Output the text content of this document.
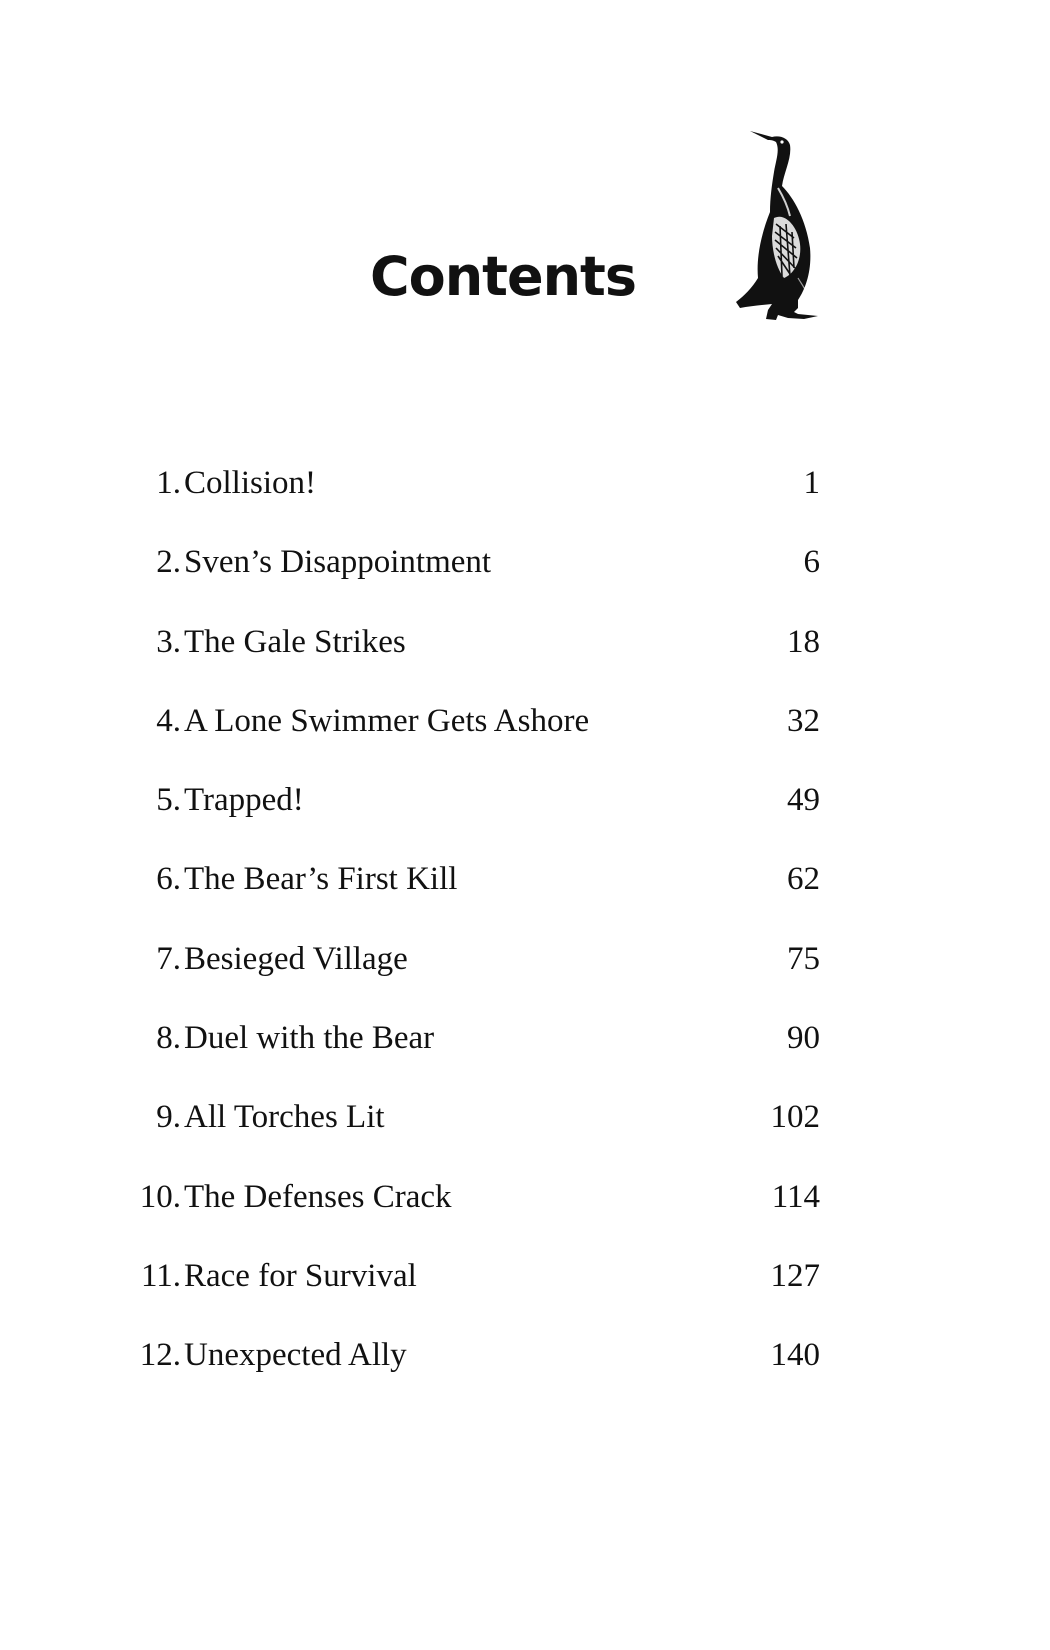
Contents
1. Collision!	1
2. Sven’s Disappointment	6
3. The Gale Strikes	18
4. A Lone Swimmer Gets Ashore	32
5. Trapped!	49
6. The Bear’s First Kill	62
7. Besieged Village	75
8. Duel with the Bear	90
9. All Torches Lit	102
10. The Defenses Crack	114
11. Race for Survival	127
12. Unexpected Ally	140
